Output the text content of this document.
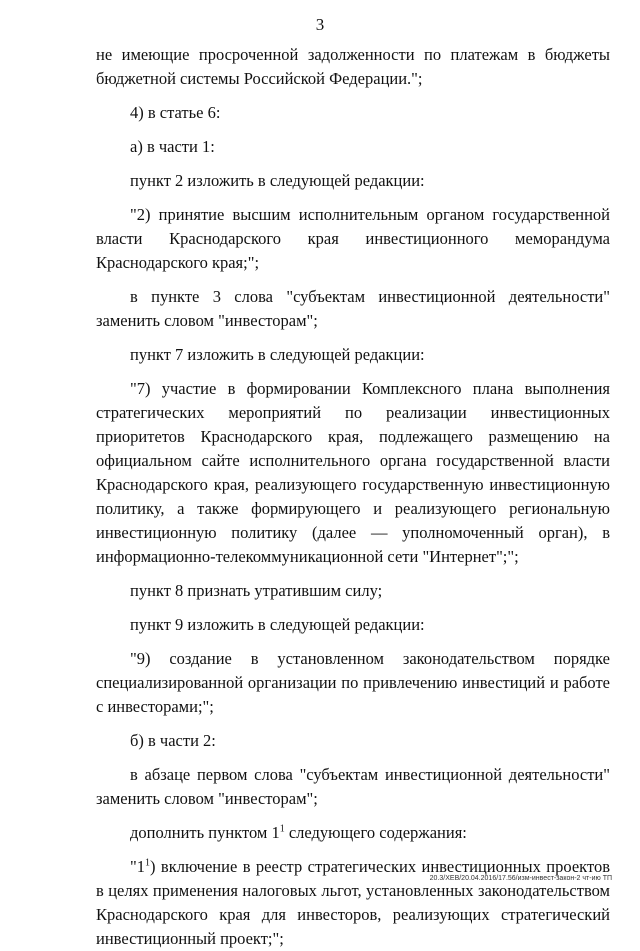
3

не имеющие просроченной задолженности по платежам в бюджеты бюджетной системы Российской Федерации.";

4) в статье 6:

а) в части 1:

пункт 2 изложить в следующей редакции:

"2) принятие высшим исполнительным органом государственной власти Краснодарского края инвестиционного меморандума Краснодарского края;";

в пункте 3 слова "субъектам инвестиционной деятельности" заменить словом "инвесторам";

пункт 7 изложить в следующей редакции:

"7) участие в формировании Комплексного плана выполнения стратегических мероприятий по реализации инвестиционных приоритетов Краснодарского края, подлежащего размещению на официальном сайте исполнительного органа государственной власти Краснодарского края, реализующего государственную инвестиционную политику, а также формирующего и реализующего региональную инвестиционную политику (далее — уполномоченный орган), в информационно-телекоммуникационной сети "Интернет";";

пункт 8 признать утратившим силу;

пункт 9 изложить в следующей редакции:

"9) создание в установленном законодательством порядке специализированной организации по привлечению инвестиций и работе с инвесторами;";

б) в части 2:

в абзаце первом слова "субъектам инвестиционной деятельности" заменить словом "инвесторам";

дополнить пунктом $1^1$ следующего содержания:

"$1^1$) включение в реестр стратегических инвестиционных проектов в целях применения налоговых льгот, установленных законодательством Краснодарского края для инвесторов, реализующих стратегический инвестиционный проект;";

20.3/ХЕВ/20.04.2016/17.56/изм-инвест-закон-2 чт-ию ТП
